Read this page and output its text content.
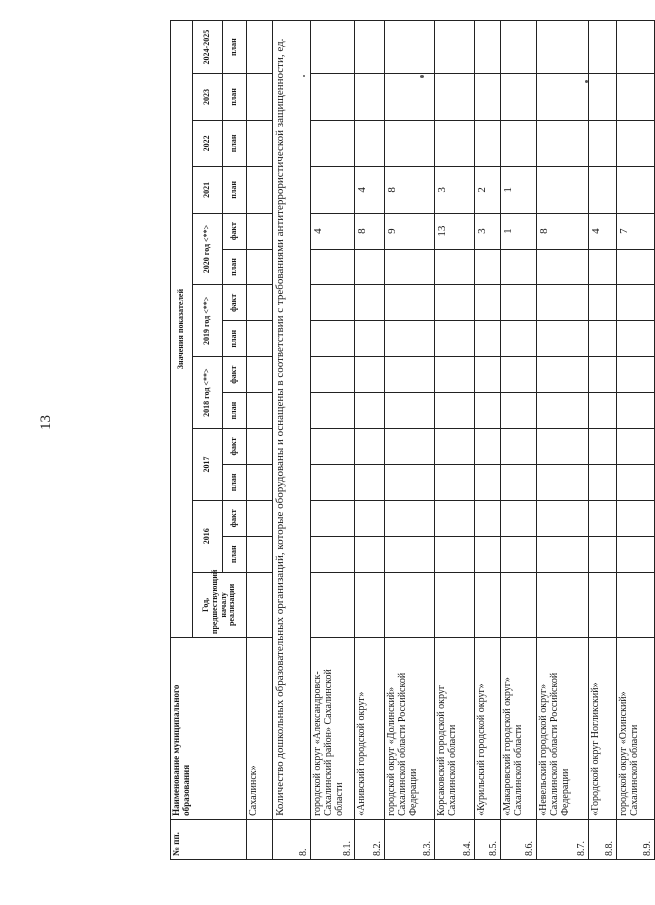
13
№ пп.	Наименование муниципального образования	Значения показателей														
		Год, предшествующий началу реализации	2016		2017		2018 год <**>		2019 год <**>		2020 год <**>		2021	2022	2023	2024-2025
			план	факт	план	факт	план	факт	план	факт	план	факт	план	план	план	план
	Сахалинск»															
8.	Количество дошкольных образовательных организаций, которые оборудованы и оснащены в соответствии с требованиями антитеррористической защищенности, ед.															
8.1.	городской округ «Александровск-Сахалинский район» Сахалинской области											4				
8.2.	«Анивский городской округ»											8	4			
8.3.	городской округ «Долинский» Сахалинской области Российской Федерации											9	8			
8.4.	Корсаковский городской округ Сахалинской области											13	3			
8.5.	«Курильский городской округ»											3	2			
8.6.	«Макаровский городской округ» Сахалинской области											1	1			
8.7.	«Невельский городской округ» Сахалинской области Российской Федерации											8				
8.8.	«Городской округ Ногликский»											4				
8.9.	городской округ «Охинский» Сахалинской области											7				
